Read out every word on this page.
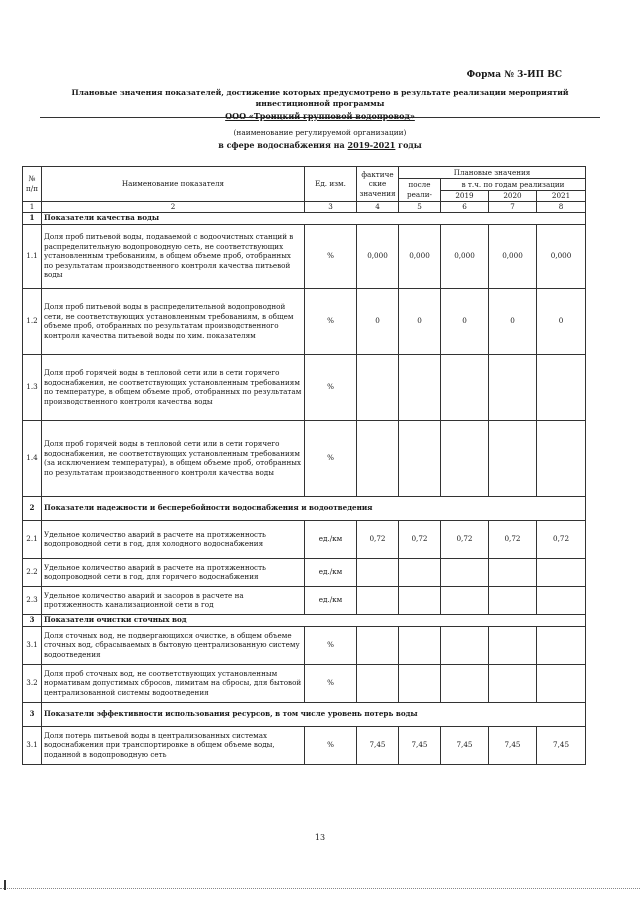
Форма № 3-ИП ВС
Плановые значения показателей, достижение которых предусмотрено в результате реализации мероприятий инвестиционной программы
ООО «Троицкий групповой водопровод»
(наименование регулируемой организации)
в сфере водоснабжения на 2019-2021 годы
№ п/п	Наименование показателя	Ед. изм.	фактиче ские значения	Плановые значения			
				после реали-	в т.ч. по годам реализации		
					2019	2020	2021
1	2	3	4	5	6	7	8
1	Показатели качества воды						
1.1	Доля проб питьевой воды, подаваемой с водоочистных станций в распределительную водопроводную сеть, не соответствующих установленным требованиям, в общем объеме проб, отобранных по результатам производственного контроля качества питьевой воды	%	0,000	0,000	0,000	0,000	0,000
1.2	Доля проб питьевой воды в распределительной водопроводной сети, не соответствующих установленным требованиям, в общем объеме проб, отобранных по результатам производственного контроля качества питьевой воды по хим. показателям	%	0	0	0	0	0
1.3	Доля проб горячей воды в тепловой сети или в сети горячего водоснабжения, не соответствующих установленным требованиям по температуре, в общем объеме проб, отобранных по результатам производственного контроля качества воды	%					
1.4	Доля проб горячей воды в тепловой сети или в сети горячего водоснабжения, не соответствующих установленным требованиям (за исключением температуры), в общем объеме проб, отобранных по результатам производственного контроля качества воды	%					
2	Показатели надежности и бесперебойности водоснабжения и водоотведения						
2.1	Удельное количество аварий в расчете на протяженность водопроводной сети в год, для холодного водоснабжения	ед./км	0,72	0,72	0,72	0,72	0,72
2.2	Удельное количество аварий в расчете на протяженность водопроводной сети в год, для горячего водоснабжения	ед./км					
2.3	Удельное количество аварий и засоров в расчете на протяженность канализационной сети в год	ед./км					
3	Показатели очистки сточных вод						
3.1	Доля сточных вод, не подвергающихся очистке, в общем объеме сточных вод, сбрасываемых в бытовую централизованную систему водоотведения	%					
3.2	Доля проб сточных вод, не соответствующих установленным нормативам допустимых сбросов, лимитам на сбросы, для бытовой централизованной системы водоотведения	%					
3	Показатели эффективности использования ресурсов, в том числе уровень потерь воды						
3.1	Доля потерь питьевой воды в централизованных системах водоснабжения при транспортировке в общем объеме воды, поданной в водопроводную сеть	%	7,45	7,45	7,45	7,45	7,45
13
